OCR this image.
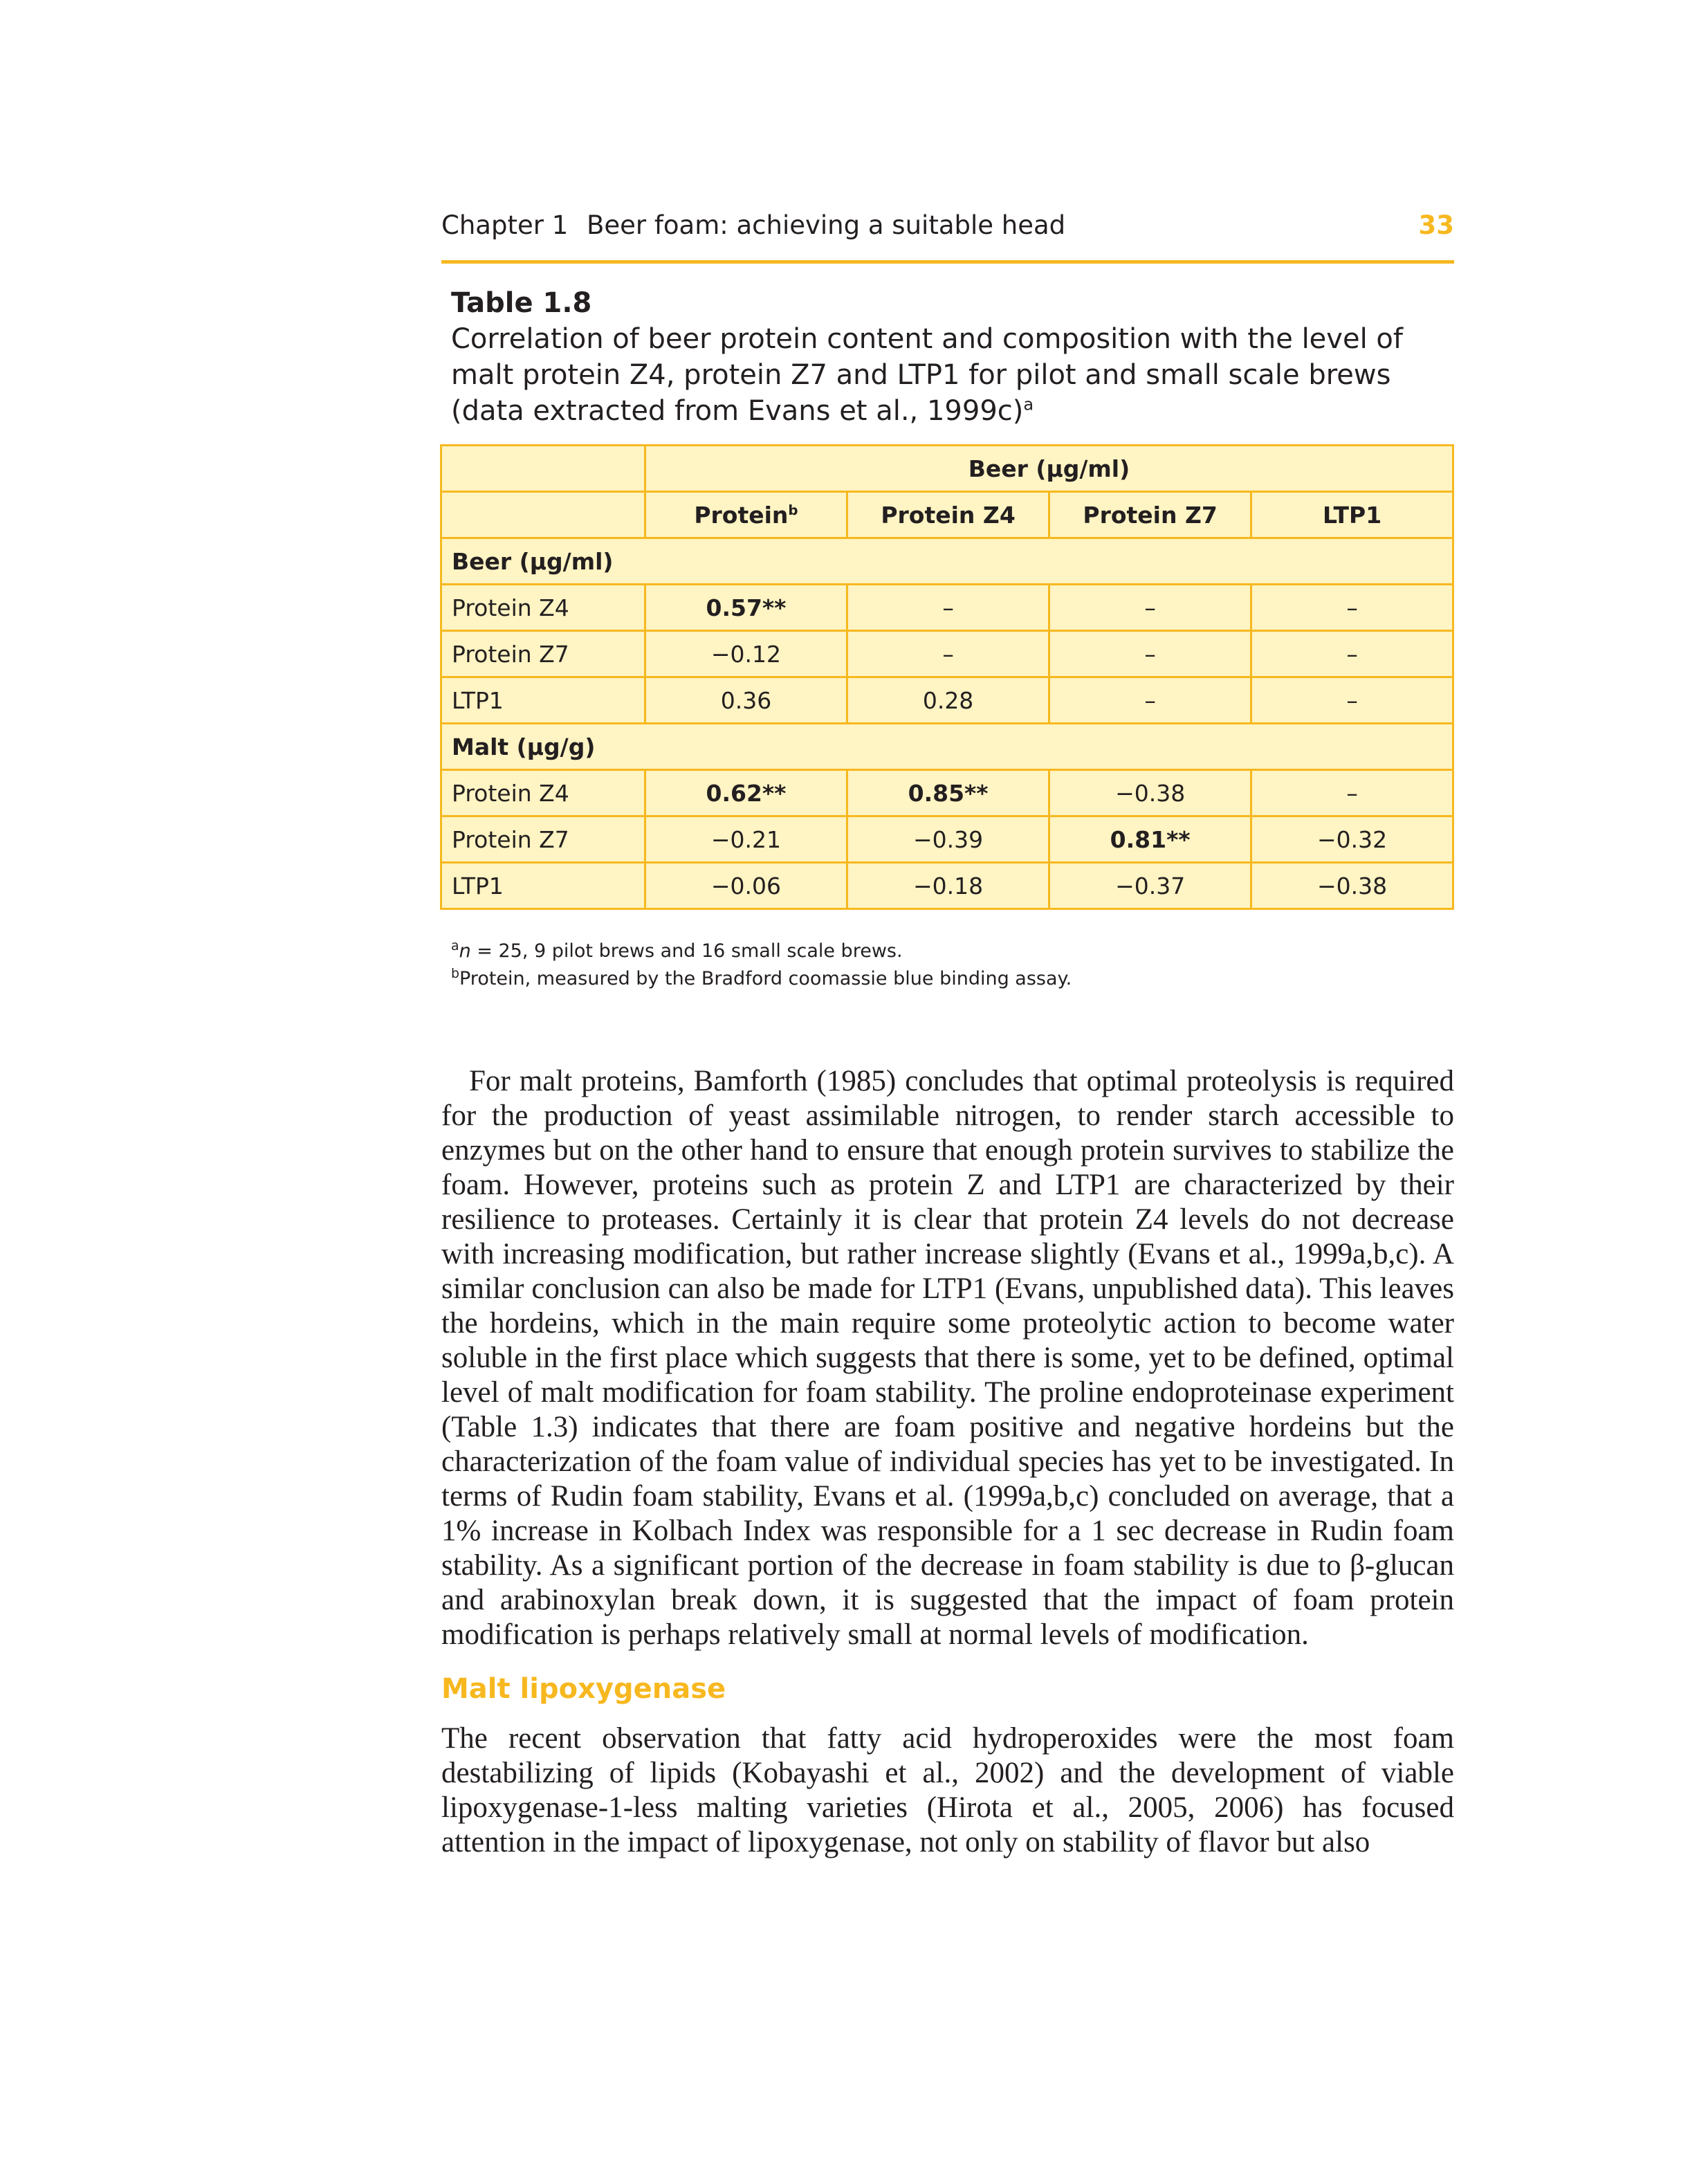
Chapter 1 Beer foam: achieving a suitable head	33
Table 1.8
Correlation of beer protein content and composition with the level of malt protein Z4, protein Z7 and LTP1 for pilot and small scale brews (data extracted from Evans et al., 1999c)$^a$
	Beer (µg/ml)			
	Protein$^b$	Protein Z4	Protein Z7	LTP1
Beer (µg/ml)				
Protein Z4	0.57**	–	–	–
Protein Z7	−0.12	–	–	–
LTP1	0.36	0.28	–	–
Malt (µg/g)				
Protein Z4	0.62**	0.85**	−0.38	–
Protein Z7	−0.21	−0.39	0.81**	−0.32
LTP1	−0.06	−0.18	−0.37	−0.38
$^a$n = 25, 9 pilot brews and 16 small scale brews.
$^b$Protein, measured by the Bradford coomassie blue binding assay.

For malt proteins, Bamforth (1985) concludes that optimal proteolysis is required for the production of yeast assimilable nitrogen, to render starch accessible to enzymes but on the other hand to ensure that enough protein survives to stabilize the foam. However, proteins such as protein Z and LTP1 are characterized by their resilience to proteases. Certainly it is clear that protein Z4 levels do not decrease with increasing modification, but rather increase slightly (Evans et al., 1999a,b,c). A similar conclusion can also be made for LTP1 (Evans, unpublished data). This leaves the hordeins, which in the main require some proteolytic action to become water soluble in the first place which suggests that there is some, yet to be defined, optimal level of malt modification for foam stability. The proline endoproteinase experiment (Table 1.3) indicates that there are foam positive and negative hordeins but the characterization of the foam value of individual species has yet to be investigated. In terms of Rudin foam stability, Evans et al. (1999a,b,c) concluded on average, that a 1% increase in Kolbach Index was responsible for a 1 sec decrease in Rudin foam stability. As a significant portion of the decrease in foam stability is due to β-glucan and arabinoxylan break down, it is suggested that the impact of foam protein modification is perhaps relatively small at normal levels of modification.

Malt lipoxygenase

The recent observation that fatty acid hydroperoxides were the most foam destabilizing of lipids (Kobayashi et al., 2002) and the development of viable lipoxygenase-1-less malting varieties (Hirota et al., 2005, 2006) has focused attention in the impact of lipoxygenase, not only on stability of flavor but also
